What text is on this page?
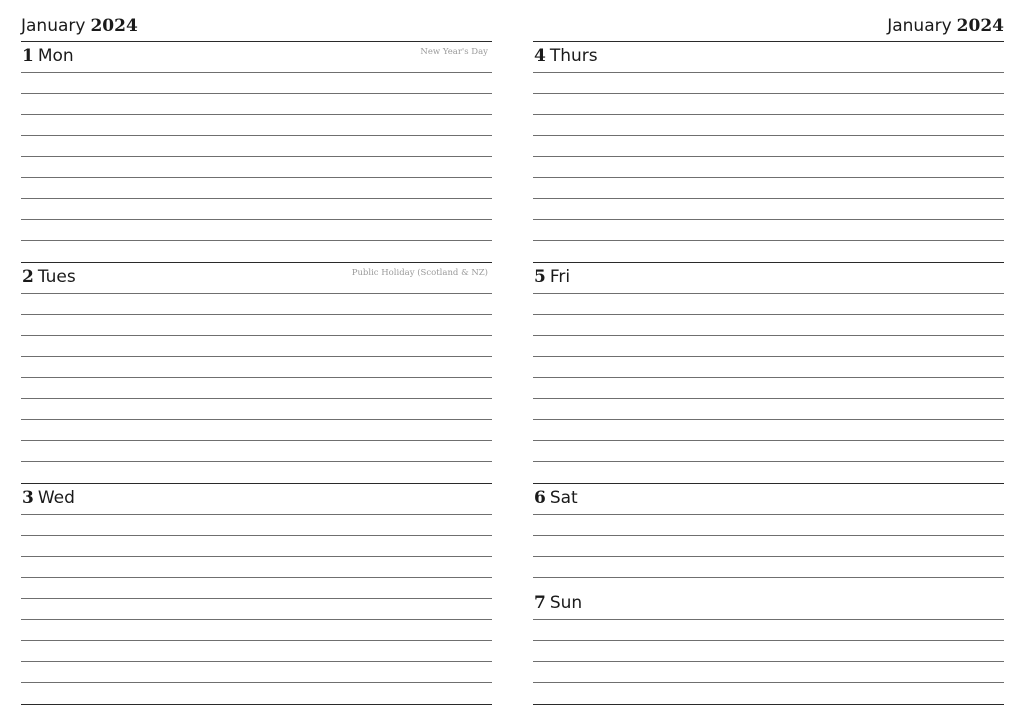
January 2024
1 Mon	New Year's Day
2 Tues	Public Holiday (Scotland & NZ)
3 Wed
January 2024
4 Thurs
5 Fri
6 Sat
7 Sun
